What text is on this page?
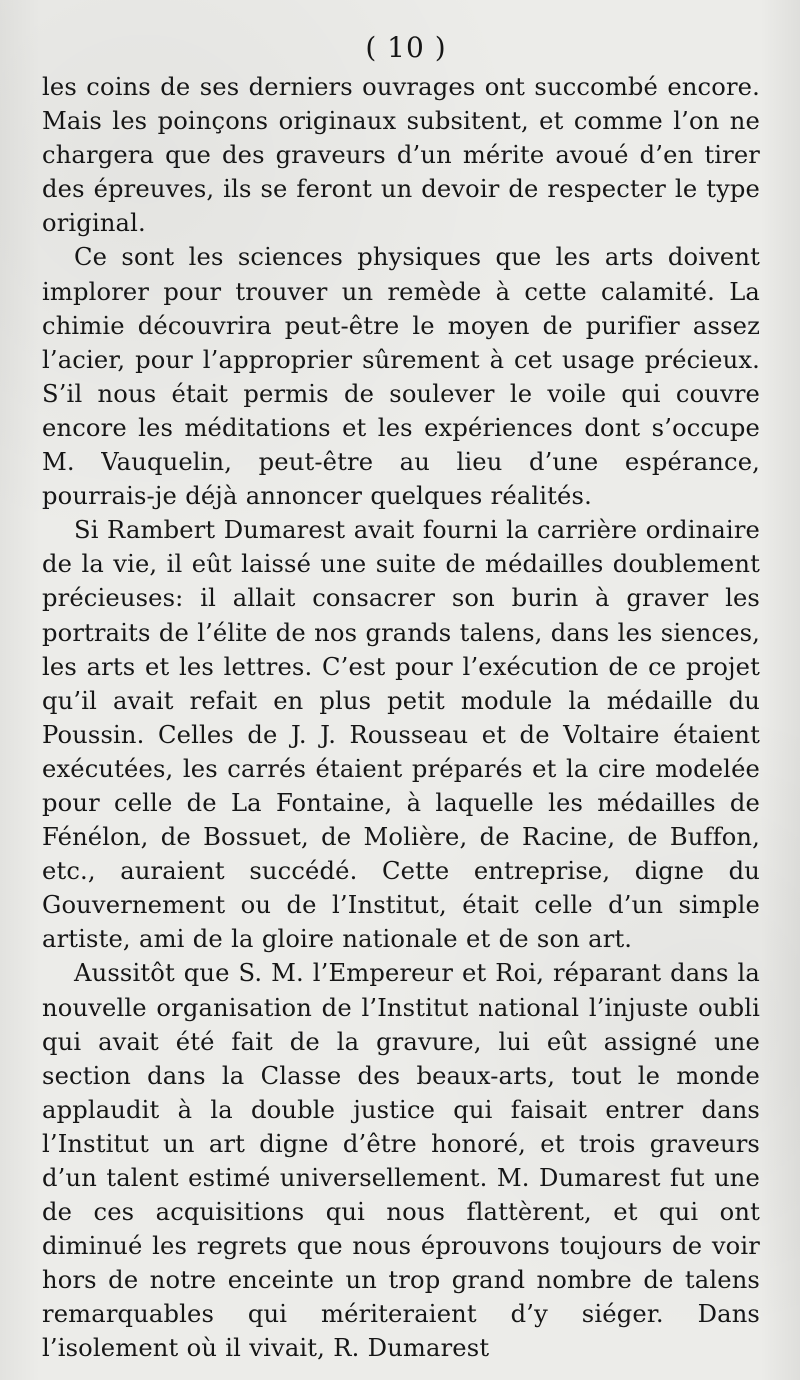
( 10 )

les coins de ses derniers ouvrages ont succombé encore. Mais les poinçons originaux subsitent, et comme l’on ne chargera que des graveurs d’un mérite avoué d’en tirer des épreuves, ils se feront un devoir de respecter le type original.

Ce sont les sciences physiques que les arts doivent implorer pour trouver un remède à cette calamité. La chimie découvrira peut-être le moyen de purifier assez l’acier, pour l’approprier sûrement à cet usage précieux. S’il nous était permis de soulever le voile qui couvre encore les méditations et les expériences dont s’occupe M. Vauquelin, peut-être au lieu d’une espérance, pourrais-je déjà annoncer quelques réalités.

Si Rambert Dumarest avait fourni la carrière ordinaire de la vie, il eût laissé une suite de médailles doublement précieuses: il allait consacrer son burin à graver les portraits de l’élite de nos grands talens, dans les siences, les arts et les lettres. C’est pour l’exécution de ce projet qu’il avait refait en plus petit module la médaille du Poussin. Celles de J. J. Rousseau et de Voltaire étaient exécutées, les carrés étaient préparés et la cire modelée pour celle de La Fontaine, à laquelle les médailles de Fénélon, de Bossuet, de Molière, de Racine, de Buffon, etc., auraient succédé. Cette entreprise, digne du Gouvernement ou de l’Institut, était celle d’un simple artiste, ami de la gloire nationale et de son art.

Aussitôt que S. M. l’Empereur et Roi, réparant dans la nouvelle organisation de l’Institut national l’injuste oubli qui avait été fait de la gravure, lui eût assigné une section dans la Classe des beaux-arts, tout le monde applaudit à la double justice qui faisait entrer dans l’Institut un art digne d’être honoré, et trois graveurs d’un talent estimé universellement. M. Dumarest fut une de ces acquisitions qui nous flattèrent, et qui ont diminué les regrets que nous éprouvons toujours de voir hors de notre enceinte un trop grand nombre de talens remarquables qui mériteraient d’y siéger. Dans l’isolement où il vivait, R. Dumarest
